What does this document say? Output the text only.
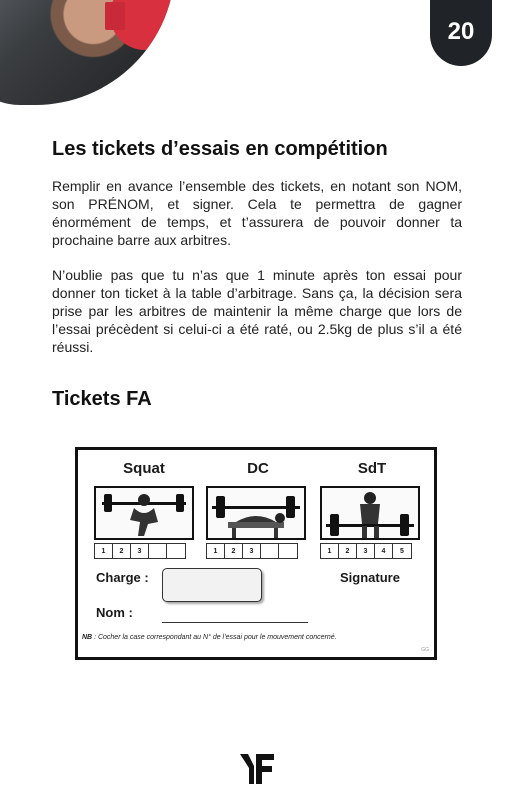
20
Les tickets d’essais en compétition

Remplir en avance l’ensemble des tickets, en notant son NOM, son PRÉNOM, et signer. Cela te permettra de gagner énormément de temps, et t’assurera de pouvoir donner ta prochaine barre aux arbitres.

N’oublie pas que tu n’as que 1 minute après ton essai pour donner ton ticket à la table d’arbitrage. Sans ça, la décision sera prise par les arbitres de maintenir la même charge que lors de l’essai précèdent si celui-ci a été raté, ou 2.5kg de plus s’il a été réussi.

Tickets FA
Squat
1	2	3
DC
1	2	3
SdT
1	2	3	4	5
Charge :	Signature
Nom :
NB : Cocher la case correspondant au N° de l’essai pour le mouvement concerné.
GG
